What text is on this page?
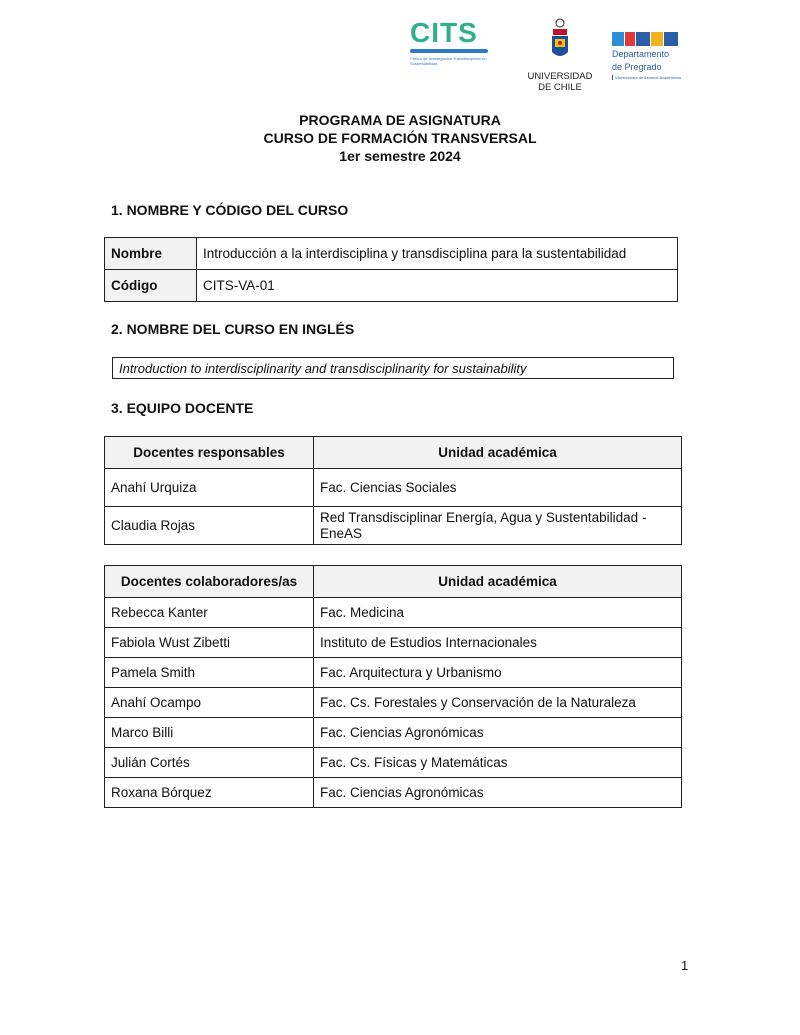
CITS
Centro de Investigación Transdisciplinar en Sustentabilidad
UNIVERSIDAD
DE CHILE
Departamento
de Pregrado
Vicerrectoría de Asuntos Académicos
PROGRAMA DE ASIGNATURA
CURSO DE FORMACIÓN TRANSVERSAL
1er semestre 2024
1. NOMBRE Y CÓDIGO DEL CURSO
Nombre	Introducción a la interdisciplina y transdisciplina para la sustentabilidad
Código	CITS-VA-01
2. NOMBRE DEL CURSO EN INGLÉS
Introduction to interdisciplinarity and transdisciplinarity for sustainability
3. EQUIPO DOCENTE
Docentes responsables	Unidad académica
Anahí Urquiza	Fac. Ciencias Sociales
Claudia Rojas	Red Transdisciplinar Energía, Agua y Sustentabilidad - EneAS
Docentes colaboradores/as	Unidad académica
Rebecca Kanter	Fac. Medicina
Fabiola Wust Zibetti	Instituto de Estudios Internacionales
Pamela Smith	Fac. Arquitectura y Urbanismo
Anahí Ocampo	Fac. Cs. Forestales y Conservación de la Naturaleza
Marco Billi	Fac. Ciencias Agronómicas
Julián Cortés	Fac. Cs. Físicas y Matemáticas
Roxana Bórquez	Fac. Ciencias Agronómicas
1
